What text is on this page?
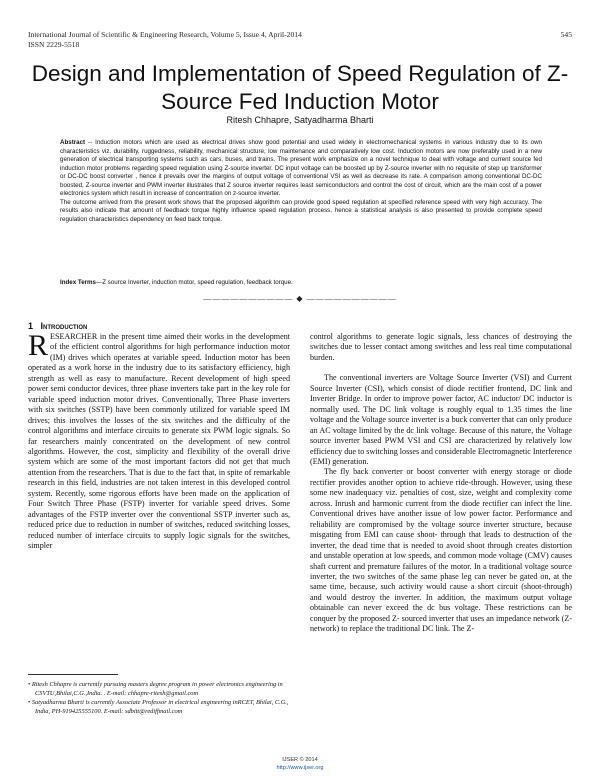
International Journal of Scientific & Engineering Research, Volume 5, Issue 4, April-2014
ISSN 2229-5518
545
Design and Implementation of Speed Regulation of Z-Source Fed Induction Motor
Ritesh Chhapre, Satyadharma Bharti

Abstract -- Induction motors which are used as electrical drives show good potential and used widely in electromechanical systems in various industry due to its own characteristics viz. durability, ruggedness, reliability, mechanical structure, low maintenance and comparatively low cost. Induction motors are now preferably used in a new generation of electrical transporting systems such as cars, buses, and trains. The present work emphasize on a novel technique to deal with voltage and current source fed induction motor problems regarding speed regulation using Z-source inverter. DC input voltage can be boosted up by Z-source inverter with no requisite of step up transformer or DC-DC boost converter , hence it prevails over the margins of output voltage of conventional VSI as well as decrease its rate. A comparison among conventional DC-DC boosted, Z-source inverter and PWM inverter illustrates that Z source inverter requires least semiconductors and control the cost of circuit, which are the main cost of a power electronics system which result in increase of concentration on z-source inverter.

The outcome arrived from the present work shows that the proposed algorithm can provide good speed regulation at specified reference speed with very high accuracy. The results also indicate that amount of feedback torque highly influence speed regulation process, hence a statistical analysis is also presented to provide complete speed regulation characteristics dependency on feed back torque.

Index Terms—Z source Inverter, induction motor, speed regulation, feedback torque.
—————————— ◆ ——————————
1 Introduction

RESEARCHER in the present time aimed their works in the development of the efficient control algorithms for high performance induction motor (IM) drives which operates at variable speed. Induction motor has been operated as a work horse in the industry due to its satisfactory efficiency, high strength as well as easy to manufacture. Recent development of high speed power semi conductor devices, three phase inverters take part in the key role for variable speed induction motor drives. Conventionally, Three Phase inverters with six switches (SSTP) have been commonly utilized for variable speed IM drives; this involves the losses of the six switches and the difficulty of the control algorithms and interface circuits to generate six PWM logic signals. So far researchers mainly concentrated on the development of new control algorithms. However, the cost, simplicity and flexibility of the overall drive system which are some of the most important factors did not get that much attention from the researchers. That is due to the fact that, in spite of remarkable research in this field, industries are not taken interest in this developed control system. Recently, some rigorous efforts have been made on the application of Four Switch Three Phase (FSTP) inverter for variable speed drives. Some advantages of the FSTP inverter over the conventional SSTP inverter such as, reduced price due to reduction in number of switches, reduced switching losses, reduced number of interface circuits to supply logic signals for the switches, simpler

control algorithms to generate logic signals, less chances of destroying the switches due to lesser contact among switches and less real time computational burden.

The conventional inverters are Voltage Source Inverter (VSI) and Current Source Inverter (CSI), which consist of diode rectifier frontend, DC link and Inverter Bridge. In order to improve power factor, AC inductor/ DC inductor is normally used. The DC link voltage is roughly equal to 1.35 times the line voltage and the Voltage source inverter is a buck converter that can only produce an AC voltage limited by the dc link voltage. Because of this nature, the Voltage source inverter based PWM VSI and CSI are characterized by relatively low efficiency due to switching losses and considerable Electromagnetic Interference (EMI) generation.

The fly back converter or boost converter with energy storage or diode rectifier provides another option to achieve ride-through. However, using these some new inadequacy viz. penalties of cost, size, weight and complexity come across. Inrush and harmonic current from the diode rectifier can infect the line. Conventional drives have another issue of low power factor. Performance and reliability are compromised by the voltage source inverter structure, because misgating from EMI can cause shoot- through that leads to destruction of the inverter, the dead time that is needed to avoid shoot through creates distortion and unstable operation at low speeds, and common mode voltage (CMV) causes shaft current and premature failures of the motor. In a traditional voltage source inverter, the two switches of the same phase leg can never be gated on, at the same time, because, such activity would cause a short circuit (shoot-through) and would destroy the inverter. In addition, the maximum output voltage obtainable can never exceed the dc bus voltage. These restrictions can be conquer by the proposed Z- sourced inverter that uses an impedance network (Z-network) to replace the traditional DC link. The Z-

• Ritesh Chhapre is currently pursuing masters degree program in power electronics engineering in CSVTU,Bhilai,C.G.,India. . E-mail: chhapre-ritesh@gmail.com

• Satyadharma Bharti is currently Associate Professor in electrical engineering inRCET, Bhilai, C.G., India, PH-919425555100. E-mail: sdbitt@rediffmail.com

IJSER © 2014
http://www.ijser.org
